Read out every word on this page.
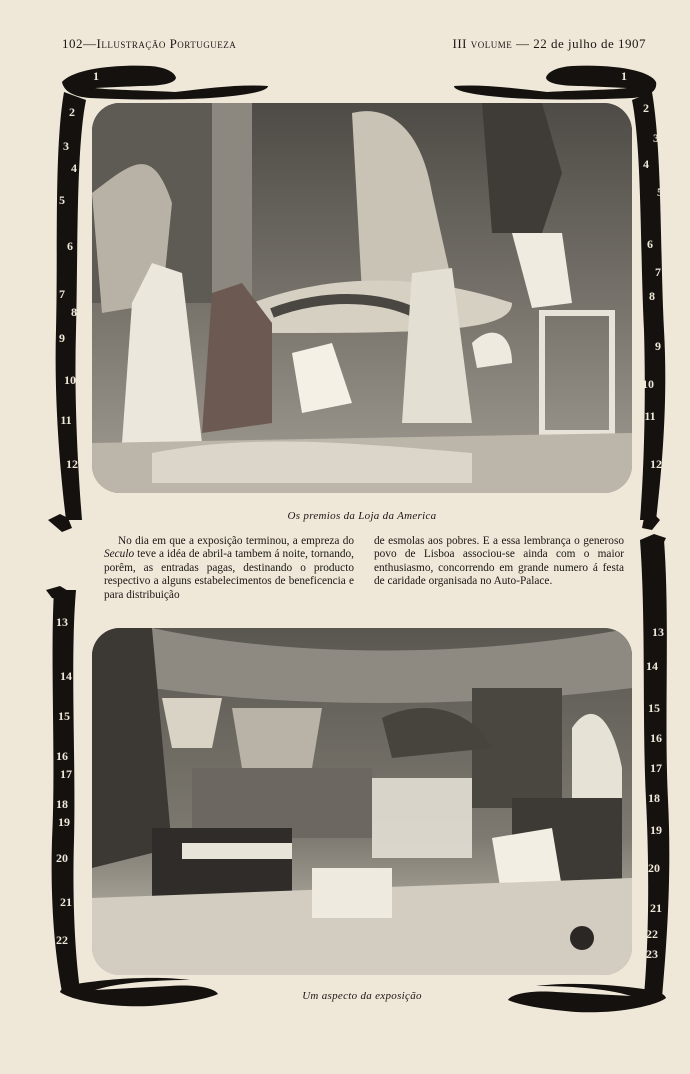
102—Illustração Portugueza	III volume — 22 de julho de 1907
1
2
3
4
5
6
7
8
9
10
11
12
1
2
3
4
5
6
7
8
9
10
11
12
13
14
15
16
17
18
19
20
21
22
24
13
14
15
16
17
18
19
20
21
22
23
24
Os premios da Loja da America

No dia em que a exposição terminou, a empreza do Seculo teve a idéa de abril-a tambem á noite, tornando, porêm, as entradas pagas, destinando o producto respectivo a alguns estabelecimentos de beneficencia e para distribuição

de esmolas aos pobres. E a essa lembrança o generoso povo de Lisboa associou-se ainda com o maior enthusiasmo, concorrendo em grande numero á festa de caridade organisada no Auto-Palace.

Um aspecto da exposição
